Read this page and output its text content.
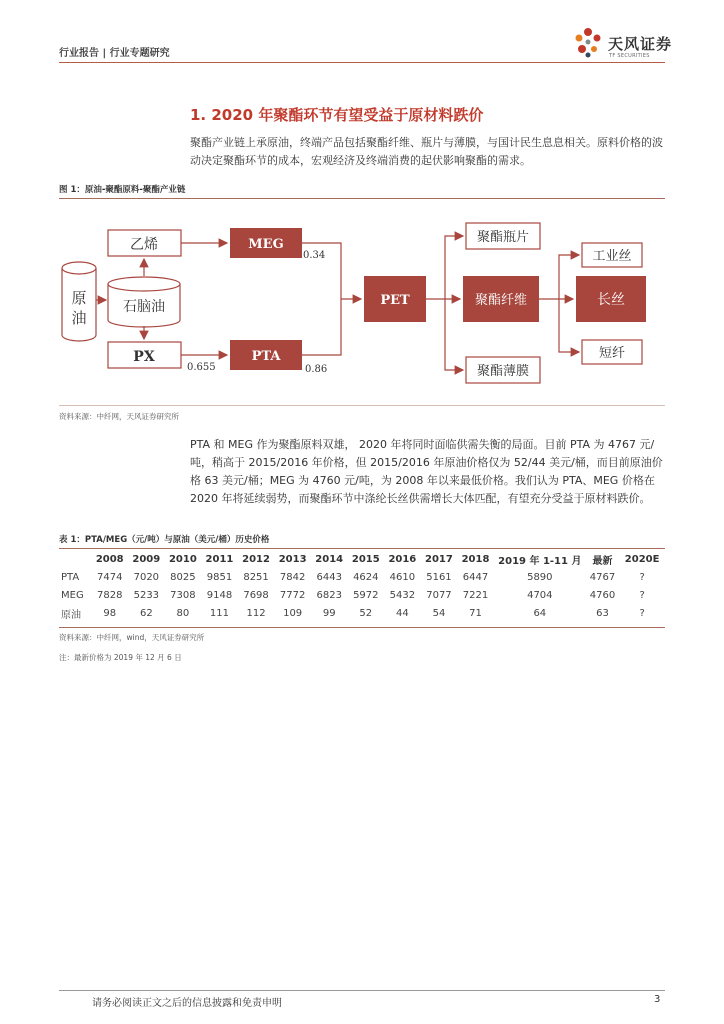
行业报告 | 行业专题研究
天风证券
TF SECURITIES
1. 2020 年聚酯环节有望受益于原材料跌价
聚酯产业链上承原油，终端产品包括聚酯纤维、瓶片与薄膜，与国计民生息息相关。原料价格的波动决定聚酯环节的成本，宏观经济及终端消费的起伏影响聚酯的需求。
图 1：原油-聚酯原料-聚酯产业链
原油
石脑油
乙烯
PX
MEG
PTA
PET	聚酯纤维
聚酯瓶片
聚酯薄膜
工业丝
长丝
短纤
0.34
0.655	0.86
资料来源：中纤网，天风证券研究所
PTA 和 MEG 作为聚酯原料双雄， 2020 年将同时面临供需失衡的局面。目前 PTA 为 4767 元/吨，稍高于 2015/2016 年价格，但 2015/2016 年原油价格仅为 52/44 美元/桶，而目前原油价格 63 美元/桶；MEG 为 4760 元/吨，为 2008 年以来最低价格。我们认为 PTA、MEG 价格在 2020 年将延续弱势，而聚酯环节中涤纶长丝供需增长大体匹配，有望充分受益于原材料跌价。
表 1：PTA/MEG（元/吨）与原油（美元/桶）历史价格
	2008	2009	2010	2011	2012	2013	2014	2015	2016	2017	2018	2019 年 1-11 月	最新	2020E
PTA	7474	7020	8025	9851	8251	7842	6443	4624	4610	5161	6447	5890	4767	?
MEG	7828	5233	7308	9148	7698	7772	6823	5972	5432	7077	7221	4704	4760	?
原油	98	62	80	111	112	109	99	52	44	54	71	64	63	?
资料来源：中纤网，wind，天风证券研究所
注：最新价格为 2019 年 12 月 6 日
请务必阅读正文之后的信息披露和免责申明	3
